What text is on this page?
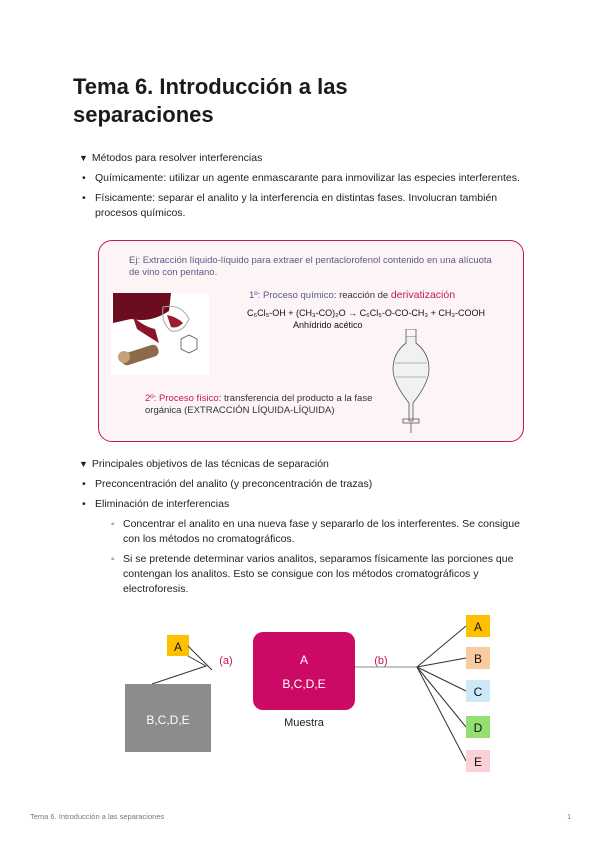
Tema 6. Introducción a las separaciones
▼ Métodos para resolver interferencias
• Químicamente: utilizar un agente enmascarante para inmovilizar las especies interferentes.
• Físicamente: separar el analito y la interferencia en distintas fases. Involucran también procesos químicos.
Ej: Extracción líquido-líquido para extraer el pentaclorofenol contenido en una alícuota de vino con pentano.
1º: Proceso químico: reacción de derivatización
C₆Cl₅-OH + (CH₃-CO)₂O → C₆Cl₅-O-CO-CH₃ + CH₃-COOH
Anhídrido acético
2º: Proceso físico: transferencia del producto a la fase orgánica (EXTRACCIÓN LÍQUIDA-LÍQUIDA)
▼ Principales objetivos de las técnicas de separación
• Preconcentración del analito (y preconcentración de trazas)
• Eliminación de interferencias
◦ Concentrar el analito en una nueva fase y separarlo de los interferentes. Se consigue con los métodos no cromatográficos.
◦ Si se pretende determinar varios analitos, separamos físicamente las porciones que contengan los analitos. Esto se consigue con los métodos cromatográficos y electroforesis.
A
B,C,D,E
(a)	A
B,C,D,E
Muestra
(b)
A
B
C
D
E
Tema 6. Introducción a las separaciones	1
